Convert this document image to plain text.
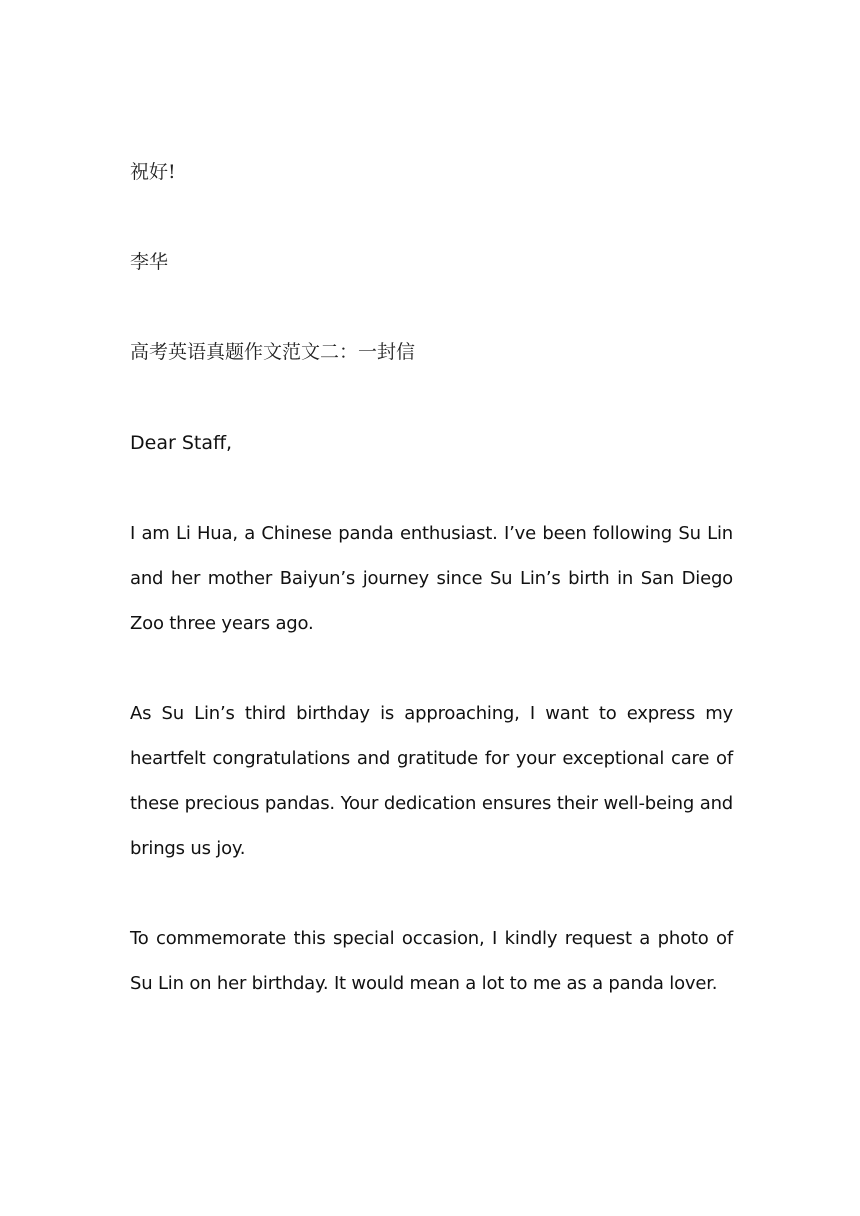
祝好!

李华

高考英语真题作文范文二：一封信

Dear Staff,

I am Li Hua, a Chinese panda enthusiast. I’ve been following Su Lin and her mother Baiyun’s journey since Su Lin’s birth in San Diego Zoo three years ago.

As Su Lin’s third birthday is approaching, I want to express my heartfelt congratulations and gratitude for your exceptional care of these precious pandas. Your dedication ensures their well-being and brings us joy.

To commemorate this special occasion, I kindly request a photo of Su Lin on her birthday. It would mean a lot to me as a panda lover.
